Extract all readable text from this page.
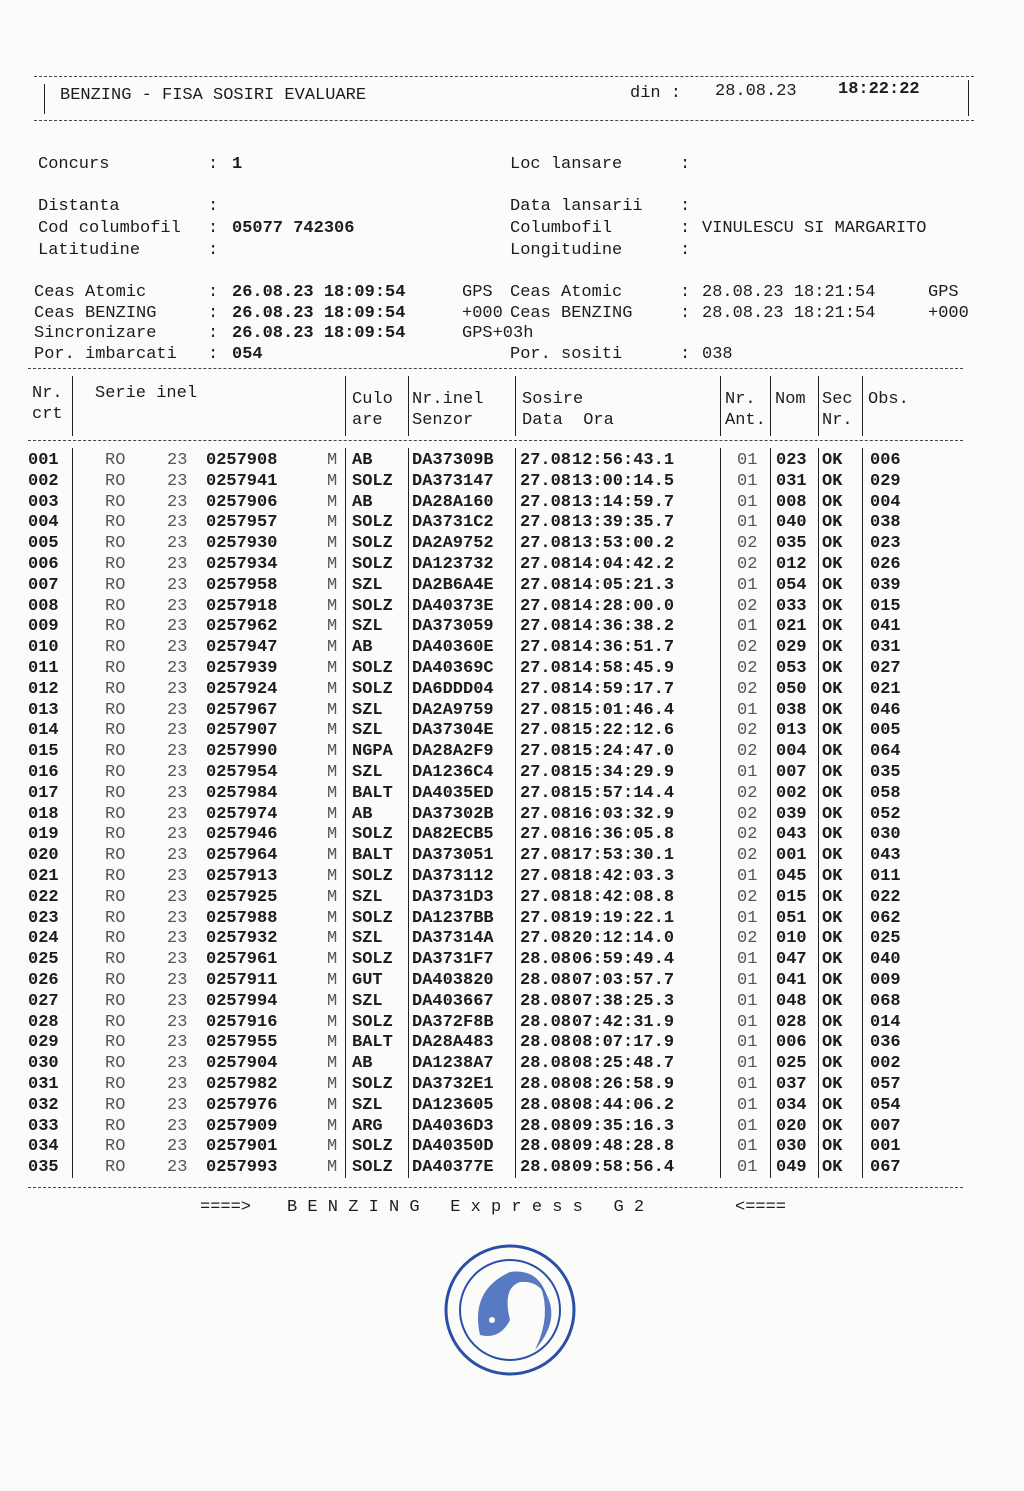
BENZING - FISA SOSIRI EVALUARE	din : 28.08.23 18:22:22
Concurs	: 1
Distanta	:
Cod columbofil : 05077 742306
Latitudine	:
Loc lansare	:
Data lansarii :
Columbofil	: VINULESCU SI MARGARITO
Longitudine	:
Ceas Atomic	: 26.08.23 18:09:54	GPS
Ceas BENZING	: 26.08.23 18:09:54	+000
Sincronizare	: 26.08.23 18:09:54	GPS+03h
Por. imbarcati : 054
Ceas Atomic	: 28.08.23 18:21:54	GPS
Ceas BENZING	: 28.08.23 18:21:54	+000
Por. sositi	: 038
Nr.
crt
Serie inel	Culo
are
Nr.inel
Senzor
Sosire
Data  Ora
Nr.
Ant.
Nom Sec
Nr.
Obs.
001	RO 23 0257908	M AB DA37309B 27.08 12:56:43.1	01 023 OK 006
002	RO 23 0257941	M SOLZ DA373147 27.08 13:00:14.5	01 031 OK 029
003	RO 23 0257906	M AB DA28A160 27.08 13:14:59.7	01 008 OK 004
004	RO 23 0257957	M SOLZ DA3731C2 27.08 13:39:35.7	01 040 OK 038
005	RO 23 0257930	M SOLZ DA2A9752 27.08 13:53:00.2	02 035 OK 023
006	RO 23 0257934	M SOLZ DA123732 27.08 14:04:42.2	02 012 OK 026
007	RO 23 0257958	M SZL DA2B6A4E 27.08 14:05:21.3	01 054 OK 039
008	RO 23 0257918	M SOLZ DA40373E 27.08 14:28:00.0	02 033 OK 015
009	RO 23 0257962	M SZL DA373059 27.08 14:36:38.2	01 021 OK 041
010	RO 23 0257947	M AB DA40360E 27.08 14:36:51.7	02 029 OK 031
011	RO 23 0257939	M SOLZ DA40369C 27.08 14:58:45.9	02 053 OK 027
012	RO 23 0257924	M SOLZ DA6DDD04 27.08 14:59:17.7	02 050 OK 021
013	RO 23 0257967	M SZL DA2A9759 27.08 15:01:46.4	01 038 OK 046
014	RO 23 0257907	M SZL DA37304E 27.08 15:22:12.6	02 013 OK 005
015	RO 23 0257990	M NGPA DA28A2F9 27.08 15:24:47.0	02 004 OK 064
016	RO 23 0257954	M SZL DA1236C4 27.08 15:34:29.9	01 007 OK 035
017	RO 23 0257984	M BALT DA4035ED 27.08 15:57:14.4	02 002 OK 058
018	RO 23 0257974	M AB DA37302B 27.08 16:03:32.9	02 039 OK 052
019	RO 23 0257946	M SOLZ DA82ECB5 27.08 16:36:05.8	02 043 OK 030
020	RO 23 0257964	M BALT DA373051 27.08 17:53:30.1	02 001 OK 043
021	RO 23 0257913	M SOLZ DA373112 27.08 18:42:03.3	01 045 OK 011
022	RO 23 0257925	M SZL DA3731D3 27.08 18:42:08.8	02 015 OK 022
023	RO 23 0257988	M SOLZ DA1237BB 27.08 19:19:22.1	01 051 OK 062
024	RO 23 0257932	M SZL DA37314A 27.08 20:12:14.0	02 010 OK 025
025	RO 23 0257961	M SOLZ DA3731F7 28.08 06:59:49.4	01 047 OK 040
026	RO 23 0257911	M GUT DA403820 28.08 07:03:57.7	01 041 OK 009
027	RO 23 0257994	M SZL DA403667 28.08 07:38:25.3	01 048 OK 068
028	RO 23 0257916	M SOLZ DA372F8B 28.08 07:42:31.9	01 028 OK 014
029	RO 23 0257955	M BALT DA28A483 28.08 08:07:17.9	01 006 OK 036
030	RO 23 0257904	M AB DA1238A7 28.08 08:25:48.7	01 025 OK 002
031	RO 23 0257982	M SOLZ DA3732E1 28.08 08:26:58.9	01 037 OK 057
032	RO 23 0257976	M SZL DA123605 28.08 08:44:06.2	01 034 OK 054
033	RO 23 0257909	M ARG DA4036D3 28.08 09:35:16.3	01 020 OK 007
034	RO 23 0257901	M SOLZ DA40350D 28.08 09:48:28.8	01 030 OK 001
035	RO 23 0257993	M SOLZ DA40377E 28.08 09:58:56.4	01 049 OK 067
====> B E N Z I N G   E x p r e s s   G 2	<====
